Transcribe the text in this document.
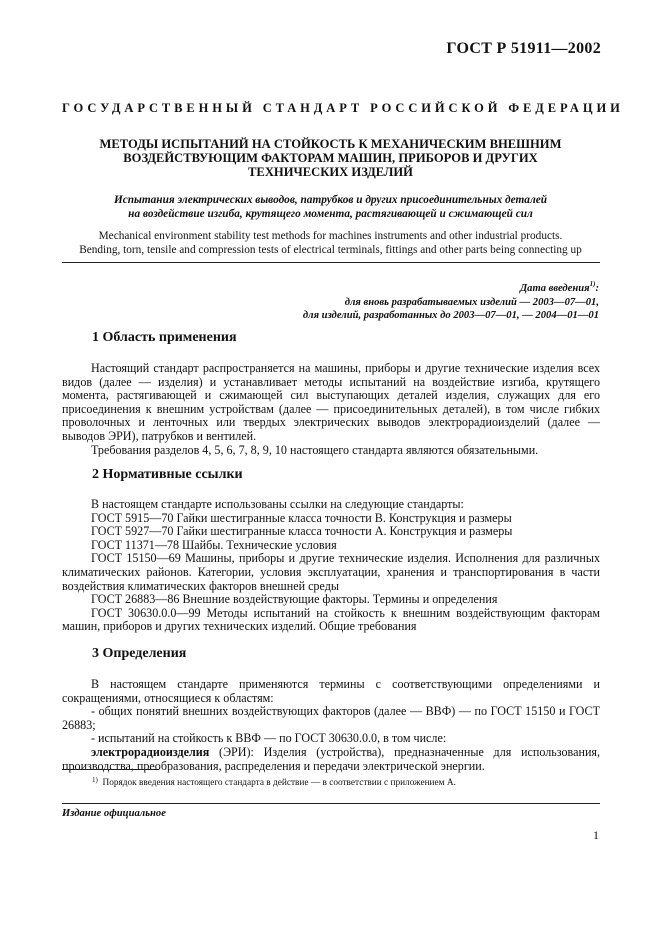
ГОСТ Р 51911—2002
ГОСУДАРСТВЕННЫЙ СТАНДАРТ РОССИЙСКОЙ ФЕДЕРАЦИИ
МЕТОДЫ ИСПЫТАНИЙ НА СТОЙКОСТЬ К МЕХАНИЧЕСКИМ ВНЕШНИМ
ВОЗДЕЙСТВУЮЩИМ ФАКТОРАМ МАШИН, ПРИБОРОВ И ДРУГИХ
ТЕХНИЧЕСКИХ ИЗДЕЛИЙ
Испытания электрических выводов, патрубков и других присоединительных деталей
на воздействие изгиба, крутящего момента, растягивающей и сжимающей сил
Mechanical environment stability test methods for machines instruments and other industrial products.
Bending, torn, tensile and compression tests of electrical terminals, fittings and other parts being connecting up
Дата введения$^{1)}$:
для вновь разрабатываемых изделий — 2003—07—01,
для изделий, разработанных до 2003—07—01, — 2004—01—01
1 Область применения

Настоящий стандарт распространяется на машины, приборы и другие технические изделия всех видов (далее — изделия) и устанавливает методы испытаний на воздействие изгиба, крутящего момента, растягивающей и сжимающей сил выступающих деталей изделия, служащих для его присоединения к внешним устройствам (далее — присоединительных деталей), в том числе гибких проволочных и ленточных или твердых электрических выводов электрорадиоизделий (далее — выводов ЭРИ), патрубков и вентилей.

Требования разделов 4, 5, 6, 7, 8, 9, 10 настоящего стандарта являются обязательными.

2 Нормативные ссылки

В настоящем стандарте использованы ссылки на следующие стандарты:

ГОСТ 5915—70 Гайки шестигранные класса точности В. Конструкция и размеры
ГОСТ 5927—70 Гайки шестигранные класса точности А. Конструкция и размеры
ГОСТ 11371—78 Шайбы. Технические условия

ГОСТ 15150—69 Машины, приборы и другие технические изделия. Исполнения для различных климатических районов. Категории, условия эксплуатации, хранения и транспортирования в части воздействия климатических факторов внешней среды

ГОСТ 26883—86 Внешние воздействующие факторы. Термины и определения

ГОСТ 30630.0.0—99 Методы испытаний на стойкость к внешним воздействующим факторам машин, приборов и других технических изделий. Общие требования

3 Определения

В настоящем стандарте применяются термины с соответствующими определениями и сокращениями, относящиеся к областям:

- общих понятий внешних воздействующих факторов (далее — ВВФ) — по ГОСТ 15150 и ГОСТ 26883;

- испытаний на стойкость к ВВФ — по ГОСТ 30630.0.0, в том числе:

электрорадиоизделия (ЭРИ): Изделия (устройства), предназначенные для использования, производства, преобразования, распределения и передачи электрической энергии.

$^{1)}$ Порядок введения настоящего стандарта в действие — в соответствии с приложением А.
Издание официальное
1
